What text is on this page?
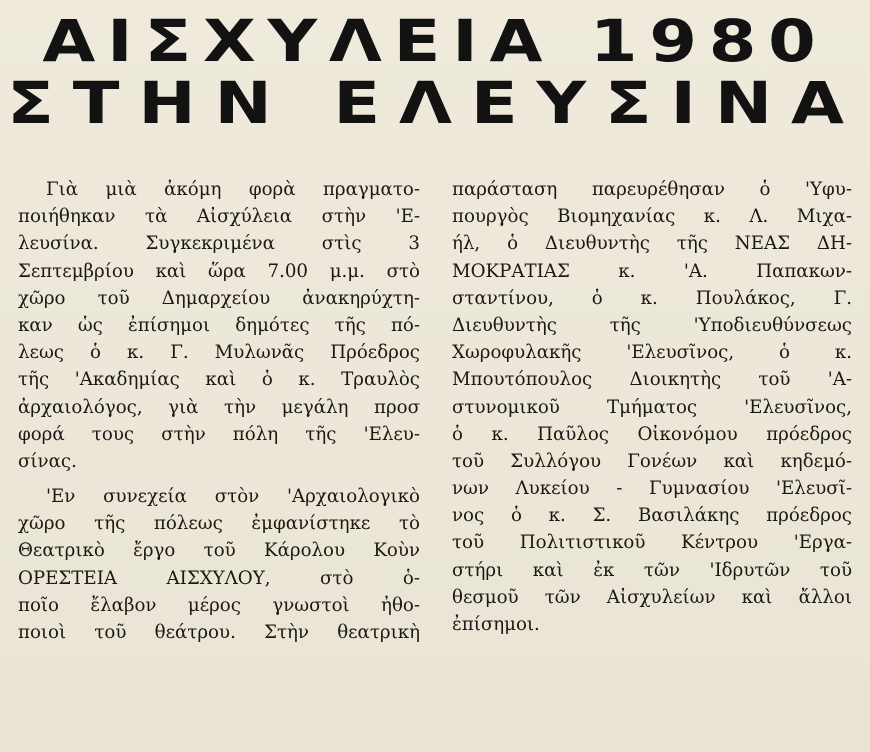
ΑΙΣΧΥΛΕΙΑ 1980
ΣΤΗΝ ΕΛΕΥΣΙΝΑ
Γιὰ μιὰ ἀκόμη φορὰ πραγματο-
ποιήθηκαν τὰ Αἰσχύλεια στὴν 'Ε-
λευσίνα. Συγκεκριμένα στὶς 3
Σεπτεμβρίου καὶ ὥρα 7.00 μ.μ. στὸ
χῶρο τοῦ Δημαρχείου ἀνακηρύχτη-
καν ὡς ἐπίσημοι δημότες τῆς πό-
λεως ὁ κ. Γ. Μυλωνᾶς Πρόεδρος
τῆς 'Ακαδημίας καὶ ὁ κ. Τραυλὸς
ἀρχαιολόγος, γιὰ τὴν μεγάλη προσ
φορά τους στὴν πόλη τῆς 'Ελευ-
σίνας.
'Εν συνεχεία στὸν 'Αρχαιολογικὸ
χῶρο τῆς πόλεως ἐμφανίστηκε τὸ
Θεατρικὸ ἔργο τοῦ Κάρολου Κοὺν
ΟΡΕΣΤΕΙΑ ΑΙΣΧΥΛΟΥ, στὸ ὁ-
ποῖο ἔλαβον μέρος γνωστοὶ ἠθο-
ποιοὶ τοῦ θεάτρου. Στὴν θεατρικὴ
παράσταση παρευρέθησαν ὁ 'Υφυ-
πουργὸς Βιομηχανίας κ. Λ. Μιχα-
ήλ, ὁ Διευθυντὴς τῆς ΝΕΑΣ ΔΗ-
ΜΟΚΡΑΤΙΑΣ κ. 'Α. Παπακων-
σταντίνου, ὁ κ. Πουλάκος, Γ.
Διευθυντὴς τῆς 'Υποδιευθύνσεως
Χωροφυλακῆς 'Ελευσῖνος, ὁ κ.
Μπουτόπουλος Διοικητὴς τοῦ 'Α-
στυνομικοῦ Τμήματος 'Ελευσῖνος,
ὁ κ. Παῦλος Οἰκονόμου πρόεδρος
τοῦ Συλλόγου Γονέων καὶ κηδεμό-
νων Λυκείου - Γυμνασίου 'Ελευσῖ-
νος ὁ κ. Σ. Βασιλάκης πρόεδρος
τοῦ Πολιτιστικοῦ Κέντρου 'Εργα-
στήρι καὶ ἐκ τῶν 'Ιδρυτῶν τοῦ
θεσμοῦ τῶν Αἰσχυλείων καὶ ἄλλοι
ἐπίσημοι.
